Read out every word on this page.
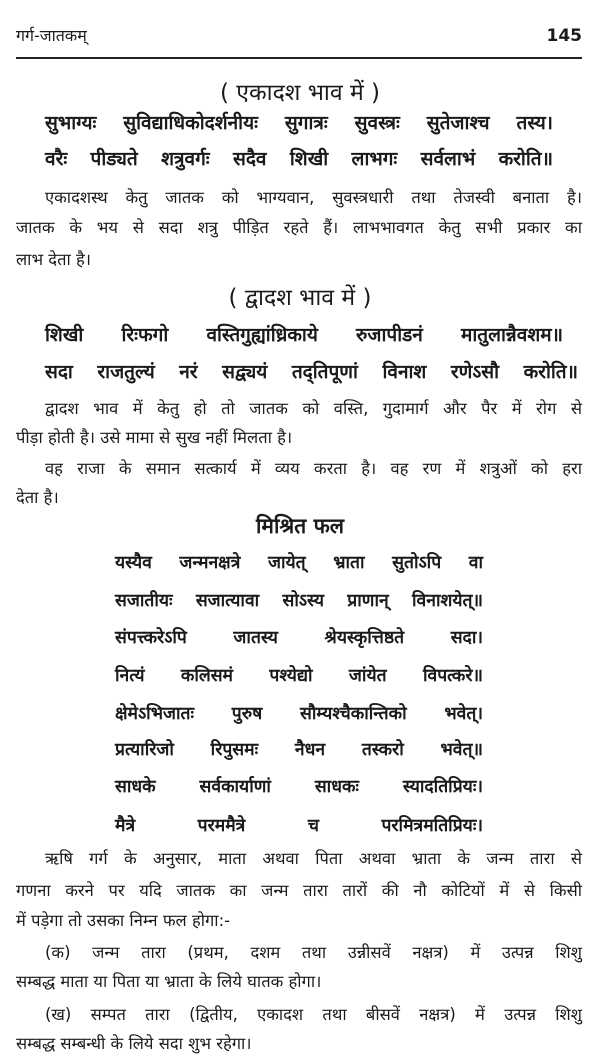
गर्ग-जातकम्	145
( एकादश भाव में )
सुभाग्यः सुविद्याधिकोदर्शनीयः सुगात्रः सुवस्त्रः सुतेजाश्च तस्य।
वरैः पीड्यते शत्रुवर्गः सदैव शिखी लाभगः सर्वलाभं करोति॥
एकादशस्थ केतु जातक को भाग्यवान, सुवस्त्रधारी तथा तेजस्वी बनाता है।
जातक के भय से सदा शत्रु पीड़ित रहते हैं। लाभभावगत केतु सभी प्रकार का
लाभ देता है।
( द्वादश भाव में )
शिखी रिःफगो वस्तिगुह्यांध्रिकाये रुजापीडनं मातुलान्नैवशम॥
सदा राजतुल्यं नरं सद्व्ययं तद्‌तिपूणां विनाश रणेऽसौ करोति॥
द्वादश भाव में केतु हो तो जातक को वस्ति, गुदामार्ग और पैर में रोग से
पीड़ा होती है। उसे मामा से सुख नहीं मिलता है।
वह राजा के समान सत्कार्य में व्यय करता है। वह रण में शत्रुओं को हरा
देता है।
मिश्रित फल
यस्यैव जन्मनक्षत्रे जायेत् भ्राता सुतोऽपि वा
सजातीयः सजात्यावा सोऽस्य प्राणान् विनाशयेत्॥
संपत्त्करेऽपि जातस्य श्रेयस्कृत्तिष्ठते सदा।
नित्यं कलिसमं पश्येद्यो जांयेत विपत्करे॥
क्षेमेऽभिजातः पुरुष सौम्यश्चैकान्तिको भवेत्।
प्रत्यारिजो रिपुसमः नैधन तस्करो भवेत्॥
साधके सर्वकार्याणां साधकः स्यादतिप्रियः।
मैत्रे परममैत्रे च परमित्रमतिप्रियः।
ऋषि गर्ग के अनुसार, माता अथवा पिता अथवा भ्राता के जन्म तारा से
गणना करने पर यदि जातक का जन्म तारा तारों की नौ कोटियों में से किसी
में पड़ेगा तो उसका निम्न फल होगा:-
(क) जन्म तारा (प्रथम, दशम तथा उन्नीसवें नक्षत्र) में उत्पन्न शिशु
सम्बद्ध माता या पिता या भ्राता के लिये घातक होगा।
(ख) सम्पत तारा (द्वितीय, एकादश तथा बीसवें नक्षत्र) में उत्पन्न शिशु
सम्बद्ध सम्बन्धी के लिये सदा शुभ रहेगा।
